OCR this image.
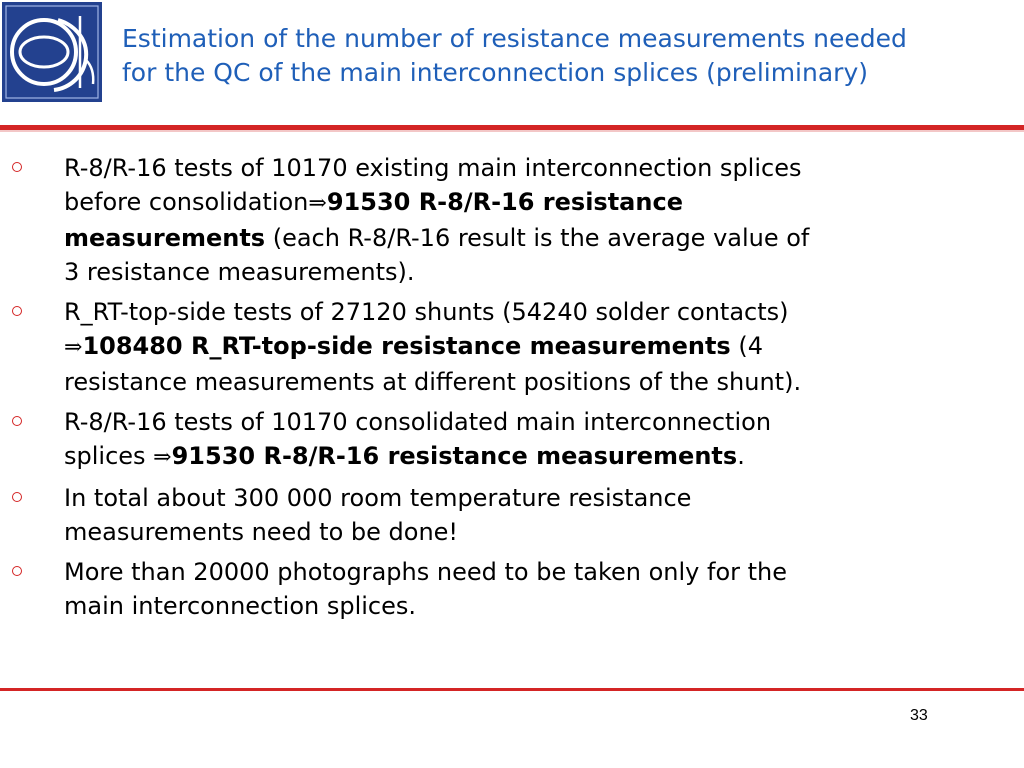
Estimation of the number of resistance measurements needed
for the QC of the main interconnection splices (preliminary)
R-8/R-16 tests of 10170 existing main interconnection splices
before consolidation⇒91530 R-8/R-16 resistance
measurements (each R-8/R-16 result is the average value of
3 resistance measurements).
R_RT-top-side tests of 27120 shunts (54240 solder contacts)
⇒108480 R_RT-top-side resistance measurements (4
resistance measurements at different positions of the shunt).
R-8/R-16 tests of 10170 consolidated main interconnection
splices ⇒91530 R-8/R-16 resistance measurements.
In total about 300 000 room temperature resistance
measurements need to be done!
More than 20000 photographs need to be taken only for the
main interconnection splices.
33
